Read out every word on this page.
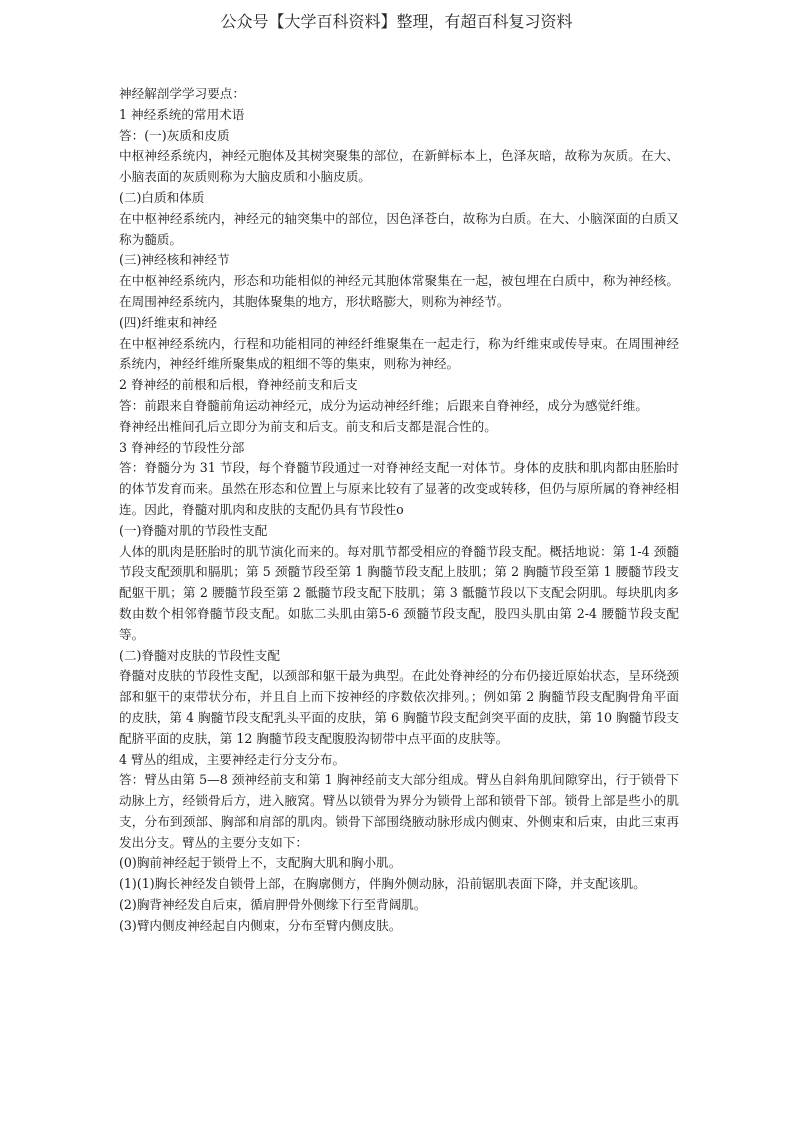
公众号【大学百科资料】整理，有超百科复习资料

神经解剖学学习要点：

1 神经系统的常用术语

答：(一)灰质和皮质

中枢神经系统内，神经元胞体及其树突聚集的部位，在新鲜标本上，色泽灰暗，故称为灰质。在大、小脑表面的灰质则称为大脑皮质和小脑皮质。

(二)白质和体质

在中枢神经系统内，神经元的轴突集中的部位，因色泽苍白，故称为白质。在大、小脑深面的白质又称为髓质。

(三)神经核和神经节

在中枢神经系统内，形态和功能相似的神经元其胞体常聚集在一起，被包埋在白质中，称为神经核。在周围神经系统内，其胞体聚集的地方，形状略膨大，则称为神经节。

(四)纤维束和神经

在中枢神经系统内，行程和功能相同的神经纤维聚集在一起走行，称为纤维束或传导束。在周围神经系统内，神经纤维所聚集成的粗细不等的集束，则称为神经。

2 脊神经的前根和后根，脊神经前支和后支

答：前跟来自脊髓前角运动神经元，成分为运动神经纤维；后跟来自脊神经，成分为感觉纤维。

脊神经出椎间孔后立即分为前支和后支。前支和后支都是混合性的。

3 脊神经的节段性分部

答：脊髓分为 31 节段，每个脊髓节段通过一对脊神经支配一对体节。身体的皮肤和肌肉都由胚胎时的体节发育而来。虽然在形态和位置上与原来比较有了显著的改变或转移，但仍与原所属的脊神经相连。因此，脊髓对肌肉和皮肤的支配仍具有节段性o

(一)脊髓对肌的节段性支配

人体的肌肉是胚胎时的肌节演化而来的。每对肌节都受相应的脊髓节段支配。概括地说：第 1-4 颈髓节段支配颈肌和膈肌；第 5 颈髓节段至第 1 胸髓节段支配上肢肌；第 2 胸髓节段至第 1 腰髓节段支配躯干肌；第 2 腰髓节段至第 2 骶髓节段支配下肢肌；第 3 骶髓节段以下支配会阴肌。每块肌肉多数由数个相邻脊髓节段支配。如肱二头肌由第5-6 颈髓节段支配，股四头肌由第 2-4 腰髓节段支配等。

(二)脊髓对皮肤的节段性支配

脊髓对皮肤的节段性支配，以颈部和躯干最为典型。在此处脊神经的分布仍接近原始状态，呈环绕颈部和躯干的束带状分布，并且自上而下按神经的序数依次排列。；例如第 2 胸髓节段支配胸骨角平面的皮肤，第 4 胸髓节段支配乳头平面的皮肤，第 6 胸髓节段支配剑突平面的皮肤，第 10 胸髓节段支配脐平面的皮肤，第 12 胸髓节段支配腹股沟韧带中点平面的皮肤等。

4 臂丛的组成，主要神经走行分支分布。

答：臂丛由第 5—8 颈神经前支和第 1 胸神经前支大部分组成。臂丛自斜角肌间隙穿出，行于锁骨下动脉上方，经锁骨后方，进入腋窝。臂丛以锁骨为界分为锁骨上部和锁骨下部。锁骨上部是些小的肌支，分布到颈部、胸部和肩部的肌肉。锁骨下部围绕腋动脉形成内侧束、外侧束和后束，由此三束再发出分支。臂丛的主要分支如下：

(0)胸前神经起于锁骨上不，支配胸大肌和胸小肌。

(1)(1)胸长神经发自锁骨上部，在胸廓侧方，伴胸外侧动脉，沿前锯肌表面下降，并支配该肌。

(2)胸背神经发自后束，循肩胛骨外侧缘下行至背阔肌。

(3)臂内侧皮神经起自内侧束，分布至臂内侧皮肤。
